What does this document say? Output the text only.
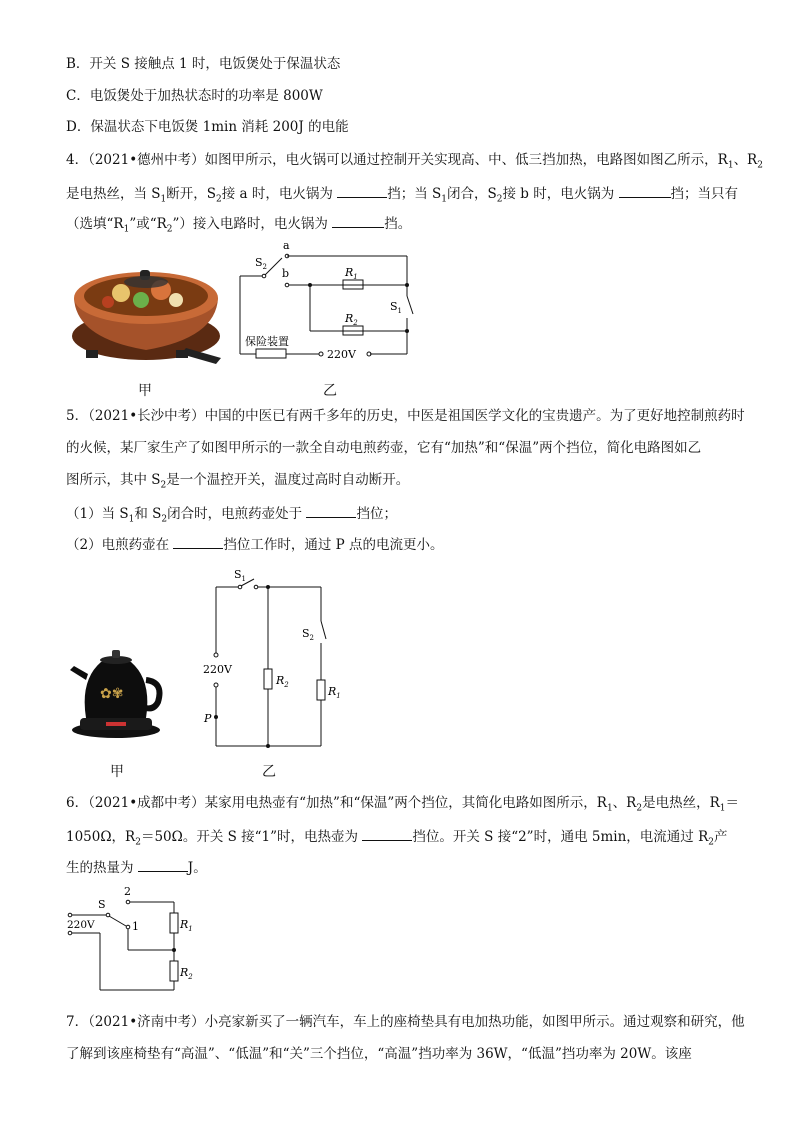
B．开关 S 接触点 1 时，电饭煲处于保温状态
C．电饭煲处于加热状态时的功率是 800W
D．保温状态下电饭煲 1min 消耗 200J 的电能
4．（2021•德州中考）如图甲所示，电火锅可以通过控制开关实现高、中、低三挡加热，电路图如图乙所示，$R_1$、$R_2$
是电热丝，当 $S_1$断开，$S_2$接 a 时，电火锅为	挡；当 $S_1$闭合，$S_2$接 b 时，电火锅为	挡；当只有
（选填“$R_1$”或“$R_2$”）接入电路时，电火锅为	挡。
甲
$S_2$
a
b	$R_1$
$R_2$
$S_1$
保险装置
220V
乙
5．（2021•长沙中考）中国的中医已有两千多年的历史，中医是祖国医学文化的宝贵遗产。为了更好地控制煎药时
的火候，某厂家生产了如图甲所示的一款全自动电煎药壶，它有“加热”和“保温”两个挡位，简化电路图如乙
图所示，其中 $S_2$是一个温控开关，温度过高时自动断开。
（1）当 $S_1$和 $S_2$闭合时，电煎药壶处于	挡位；
（2）电煎药壶在	挡位工作时，通过 P 点的电流更小。
✿✾
甲
$S_1$
$S_2$
$R_2$	$R_1$
220V
P
乙
6．（2021•成都中考）某家用电热壶有“加热”和“保温”两个挡位，其简化电路如图所示，$R_1$、$R_2$是电热丝，$R_1=$
1050Ω，$R_2=50\Omega$。开关 S 接“1”时，电热壶为	挡位。开关 S 接“2”时，通电 5min，电流通过 $R_2$产
生的热量为	J。
S
2
1
220V	$R_1$
$R_2$
7．（2021•济南中考）小亮家新买了一辆汽车，车上的座椅垫具有电加热功能，如图甲所示。通过观察和研究，他
了解到该座椅垫有“高温”、“低温”和“关”三个挡位，“高温”挡功率为 36W，“低温”挡功率为 20W。该座
